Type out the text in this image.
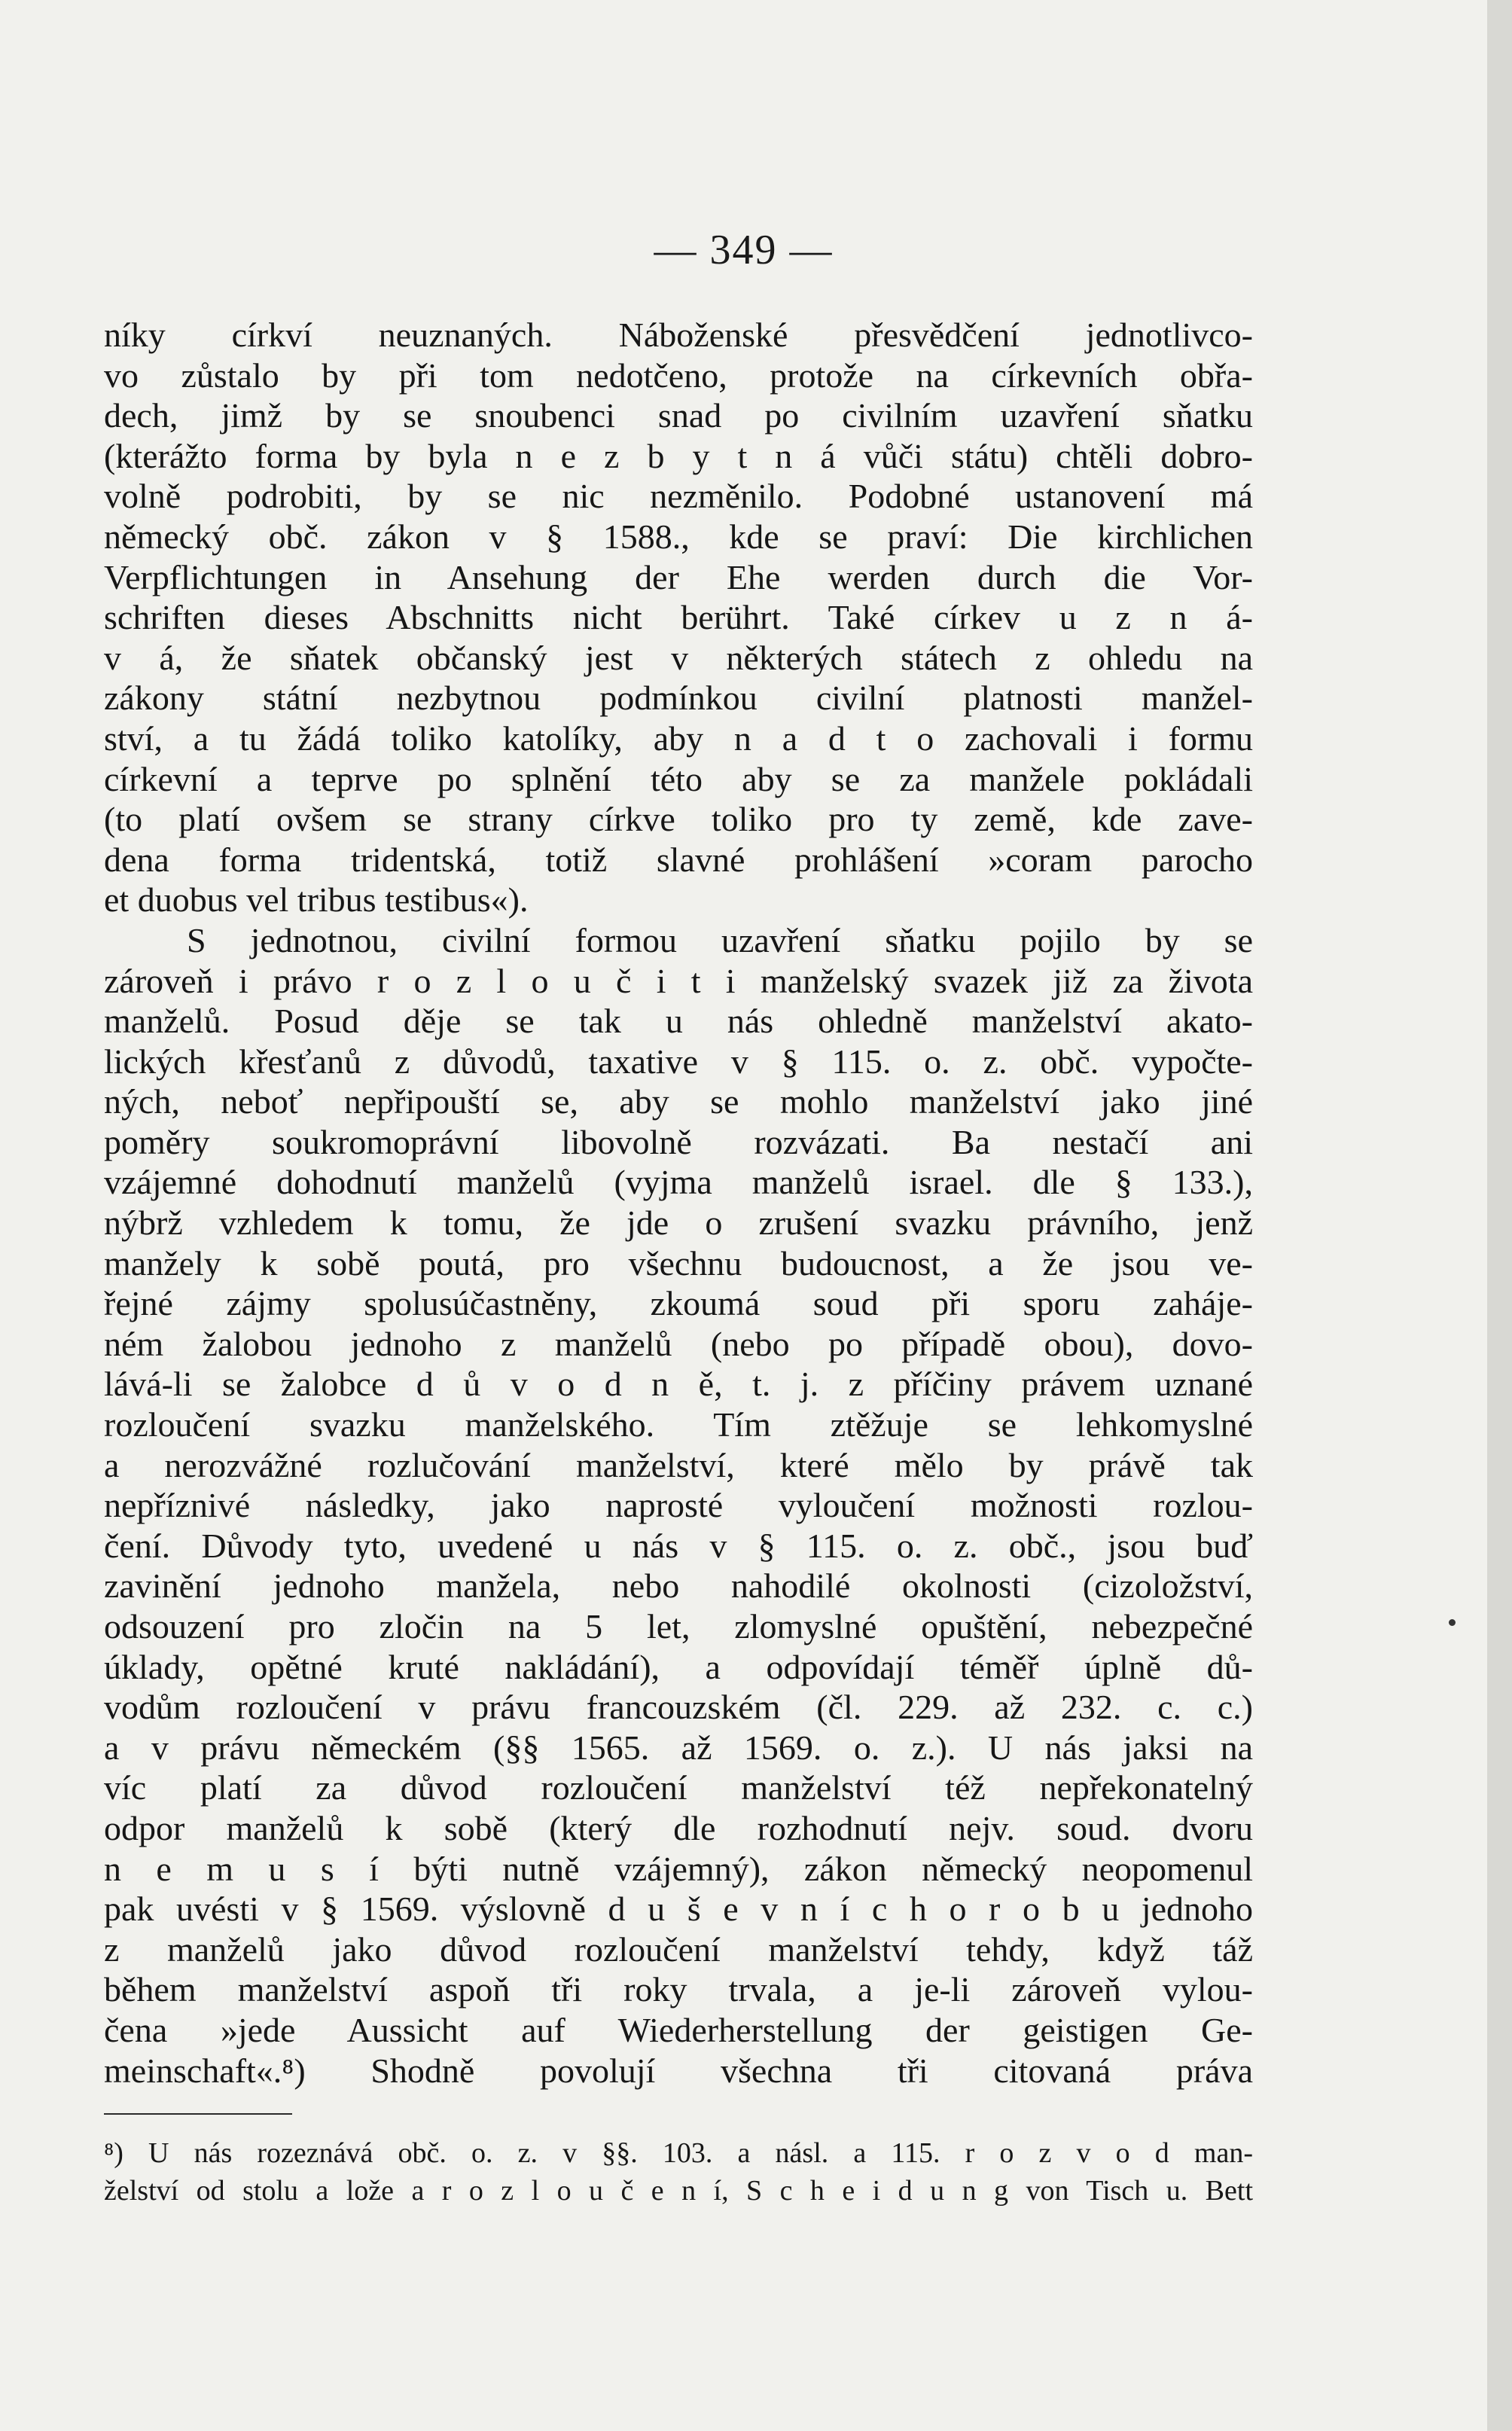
— 349 —
níky církví neuznaných. Náboženské přesvědčení jednotlivco-
vo zůstalo by při tom nedotčeno, protože na církevních obřa-
dech, jimž by se snoubenci snad po civilním uzavření sňatku
(kterážto forma by byla n e z b y t n á vůči státu) chtěli dobro-
volně podrobiti, by se nic nezměnilo. Podobné ustanovení má
německý obč. zákon v § 1588., kde se praví: Die kirchlichen
Verpflichtungen in Ansehung der Ehe werden durch die Vor-
schriften dieses Abschnitts nicht berührt. Také církev u z n á-
v á, že sňatek občanský jest v některých státech z ohledu na
zákony státní nezbytnou podmínkou civilní platnosti manžel-
ství, a tu žádá toliko katolíky, aby n a d t o zachovali i formu
církevní a teprve po splnění této aby se za manžele pokládali
(to platí ovšem se strany církve toliko pro ty země, kde zave-
dena forma tridentská, totiž slavné prohlášení »coram parocho
et duobus vel tribus testibus«).
S jednotnou, civilní formou uzavření sňatku pojilo by se
zároveň i právo r o z l o u č i t i manželský svazek již za života
manželů. Posud děje se tak u nás ohledně manželství akato-
lických křesťanů z důvodů, taxative v § 115. o. z. obč. vypočte-
ných, neboť nepřipouští se, aby se mohlo manželství jako jiné
poměry soukromoprávní libovolně rozvázati. Ba nestačí ani
vzájemné dohodnutí manželů (vyjma manželů israel. dle § 133.),
nýbrž vzhledem k tomu, že jde o zrušení svazku právního, jenž
manžely k sobě poutá, pro všechnu budoucnost, a že jsou ve-
řejné zájmy spolusúčastněny, zkoumá soud při sporu zaháje-
ném žalobou jednoho z manželů (nebo po případě obou), dovo-
lává-li se žalobce d ů v o d n ě, t. j. z příčiny právem uznané
rozloučení svazku manželského. Tím ztěžuje se lehkomyslné
a nerozvážné rozlučování manželství, které mělo by právě tak
nepříznivé následky, jako naprosté vyloučení možnosti rozlou-
čení. Důvody tyto, uvedené u nás v § 115. o. z. obč., jsou buď
zavinění jednoho manžela, nebo nahodilé okolnosti (cizoložství,
odsouzení pro zločin na 5 let, zlomyslné opuštění, nebezpečné
úklady, opětné kruté nakládání), a odpovídají téměř úplně dů-
vodům rozloučení v právu francouzském (čl. 229. až 232. c. c.)
a v právu německém (§§ 1565. až 1569. o. z.). U nás jaksi na
víc platí za důvod rozloučení manželství též nepřekonatelný
odpor manželů k sobě (který dle rozhodnutí nejv. soud. dvoru
n e m u s í býti nutně vzájemný), zákon německý neopomenul
pak uvésti v § 1569. výslovně d u š e v n í c h o r o b u jednoho
z manželů jako důvod rozloučení manželství tehdy, když táž
během manželství aspoň tři roky trvala, a je-li zároveň vylou-
čena »jede Aussicht auf Wiederherstellung der geistigen Ge-
meinschaft«.⁸) Shodně povolují všechna tři citovaná práva
⁸) U nás rozeznává obč. o. z. v §§. 103. a násl. a 115. r o z v o d man-
želství od stolu a lože a r o z l o u č e n í, S c h e i d u n g von Tisch u. Bett
